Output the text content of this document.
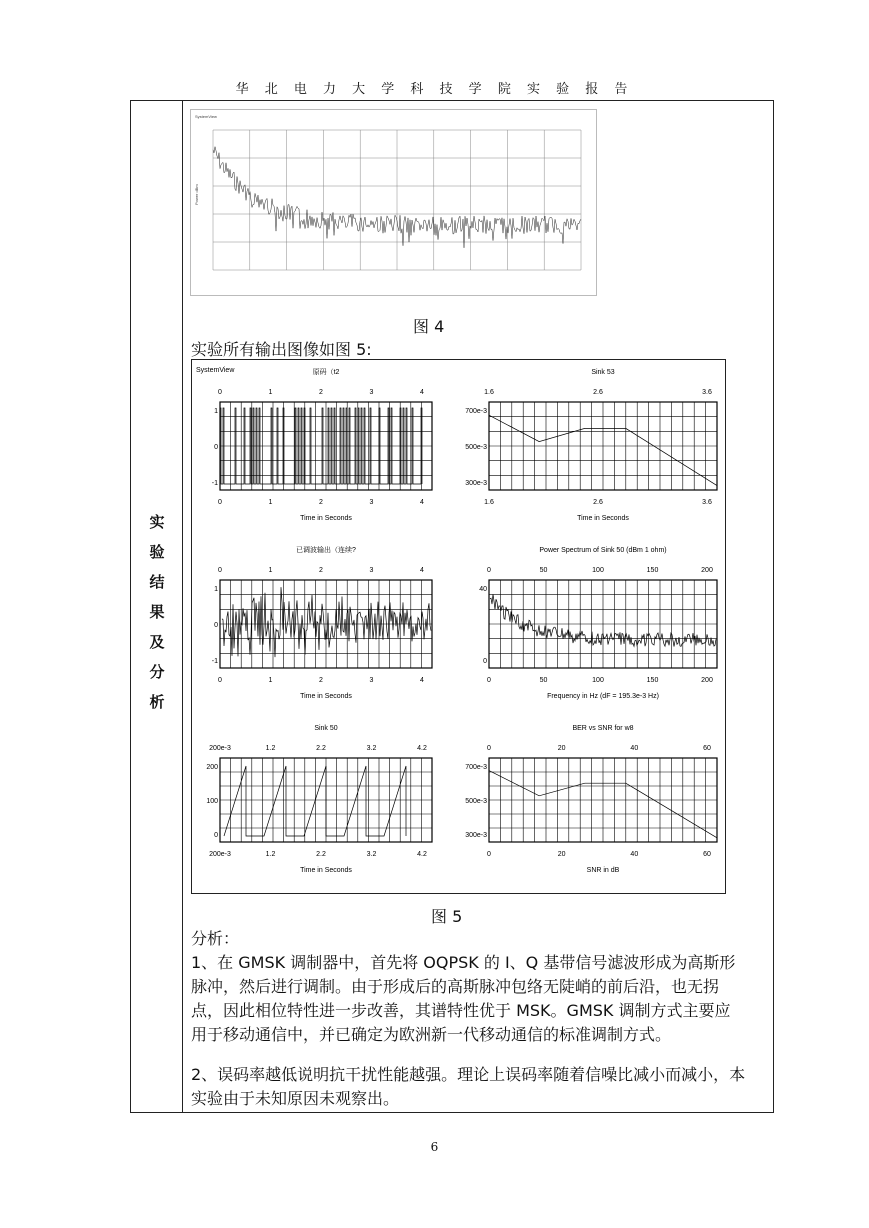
华 北 电 力 大 学 科 技 学 院 实 验 报 告
实
验
结
果
及
分
析
SystemView
Power dBm
图 4
实验所有输出图像如图 5:
SystemView	原码（t2
0
0
1
1
2
2
3
3
4
4
Time in Seconds
1
0
-1
Sink 53
1.6
1.6
2.6
2.6
3.6
3.6
Time in Seconds
700e-3
500e-3
300e-3
已调波输出（连续?
0
0
1
1
2
2
3
3
4
4
Time in Seconds
1
0
-1
Power Spectrum of Sink 50 (dBm 1 ohm)
0
0
50
50
100
100
150
150
200
200
Frequency in Hz (dF = 195.3e-3 Hz)
40
0
Sink 50
200e-3
200e-3
1.2
1.2
2.2
2.2
3.2
3.2
4.2
4.2
Time in Seconds
200
100
0
BER vs SNR for w8
0
0
20
20
40
40
60
60
SNR in dB
700e-3
500e-3
300e-3
图 5
分析：
1、在 GMSK 调制器中，首先将 OQPSK 的 I、Q 基带信号滤波形成为高斯形脉冲，然后进行调制。由于形成后的高斯脉冲包络无陡峭的前后沿，也无拐点，因此相位特性进一步改善，其谱特性优于 MSK。GMSK 调制方式主要应用于移动通信中，并已确定为欧洲新一代移动通信的标准调制方式。
2、误码率越低说明抗干扰性能越强。理论上误码率随着信噪比减小而减小，本实验由于未知原因未观察出。
6
